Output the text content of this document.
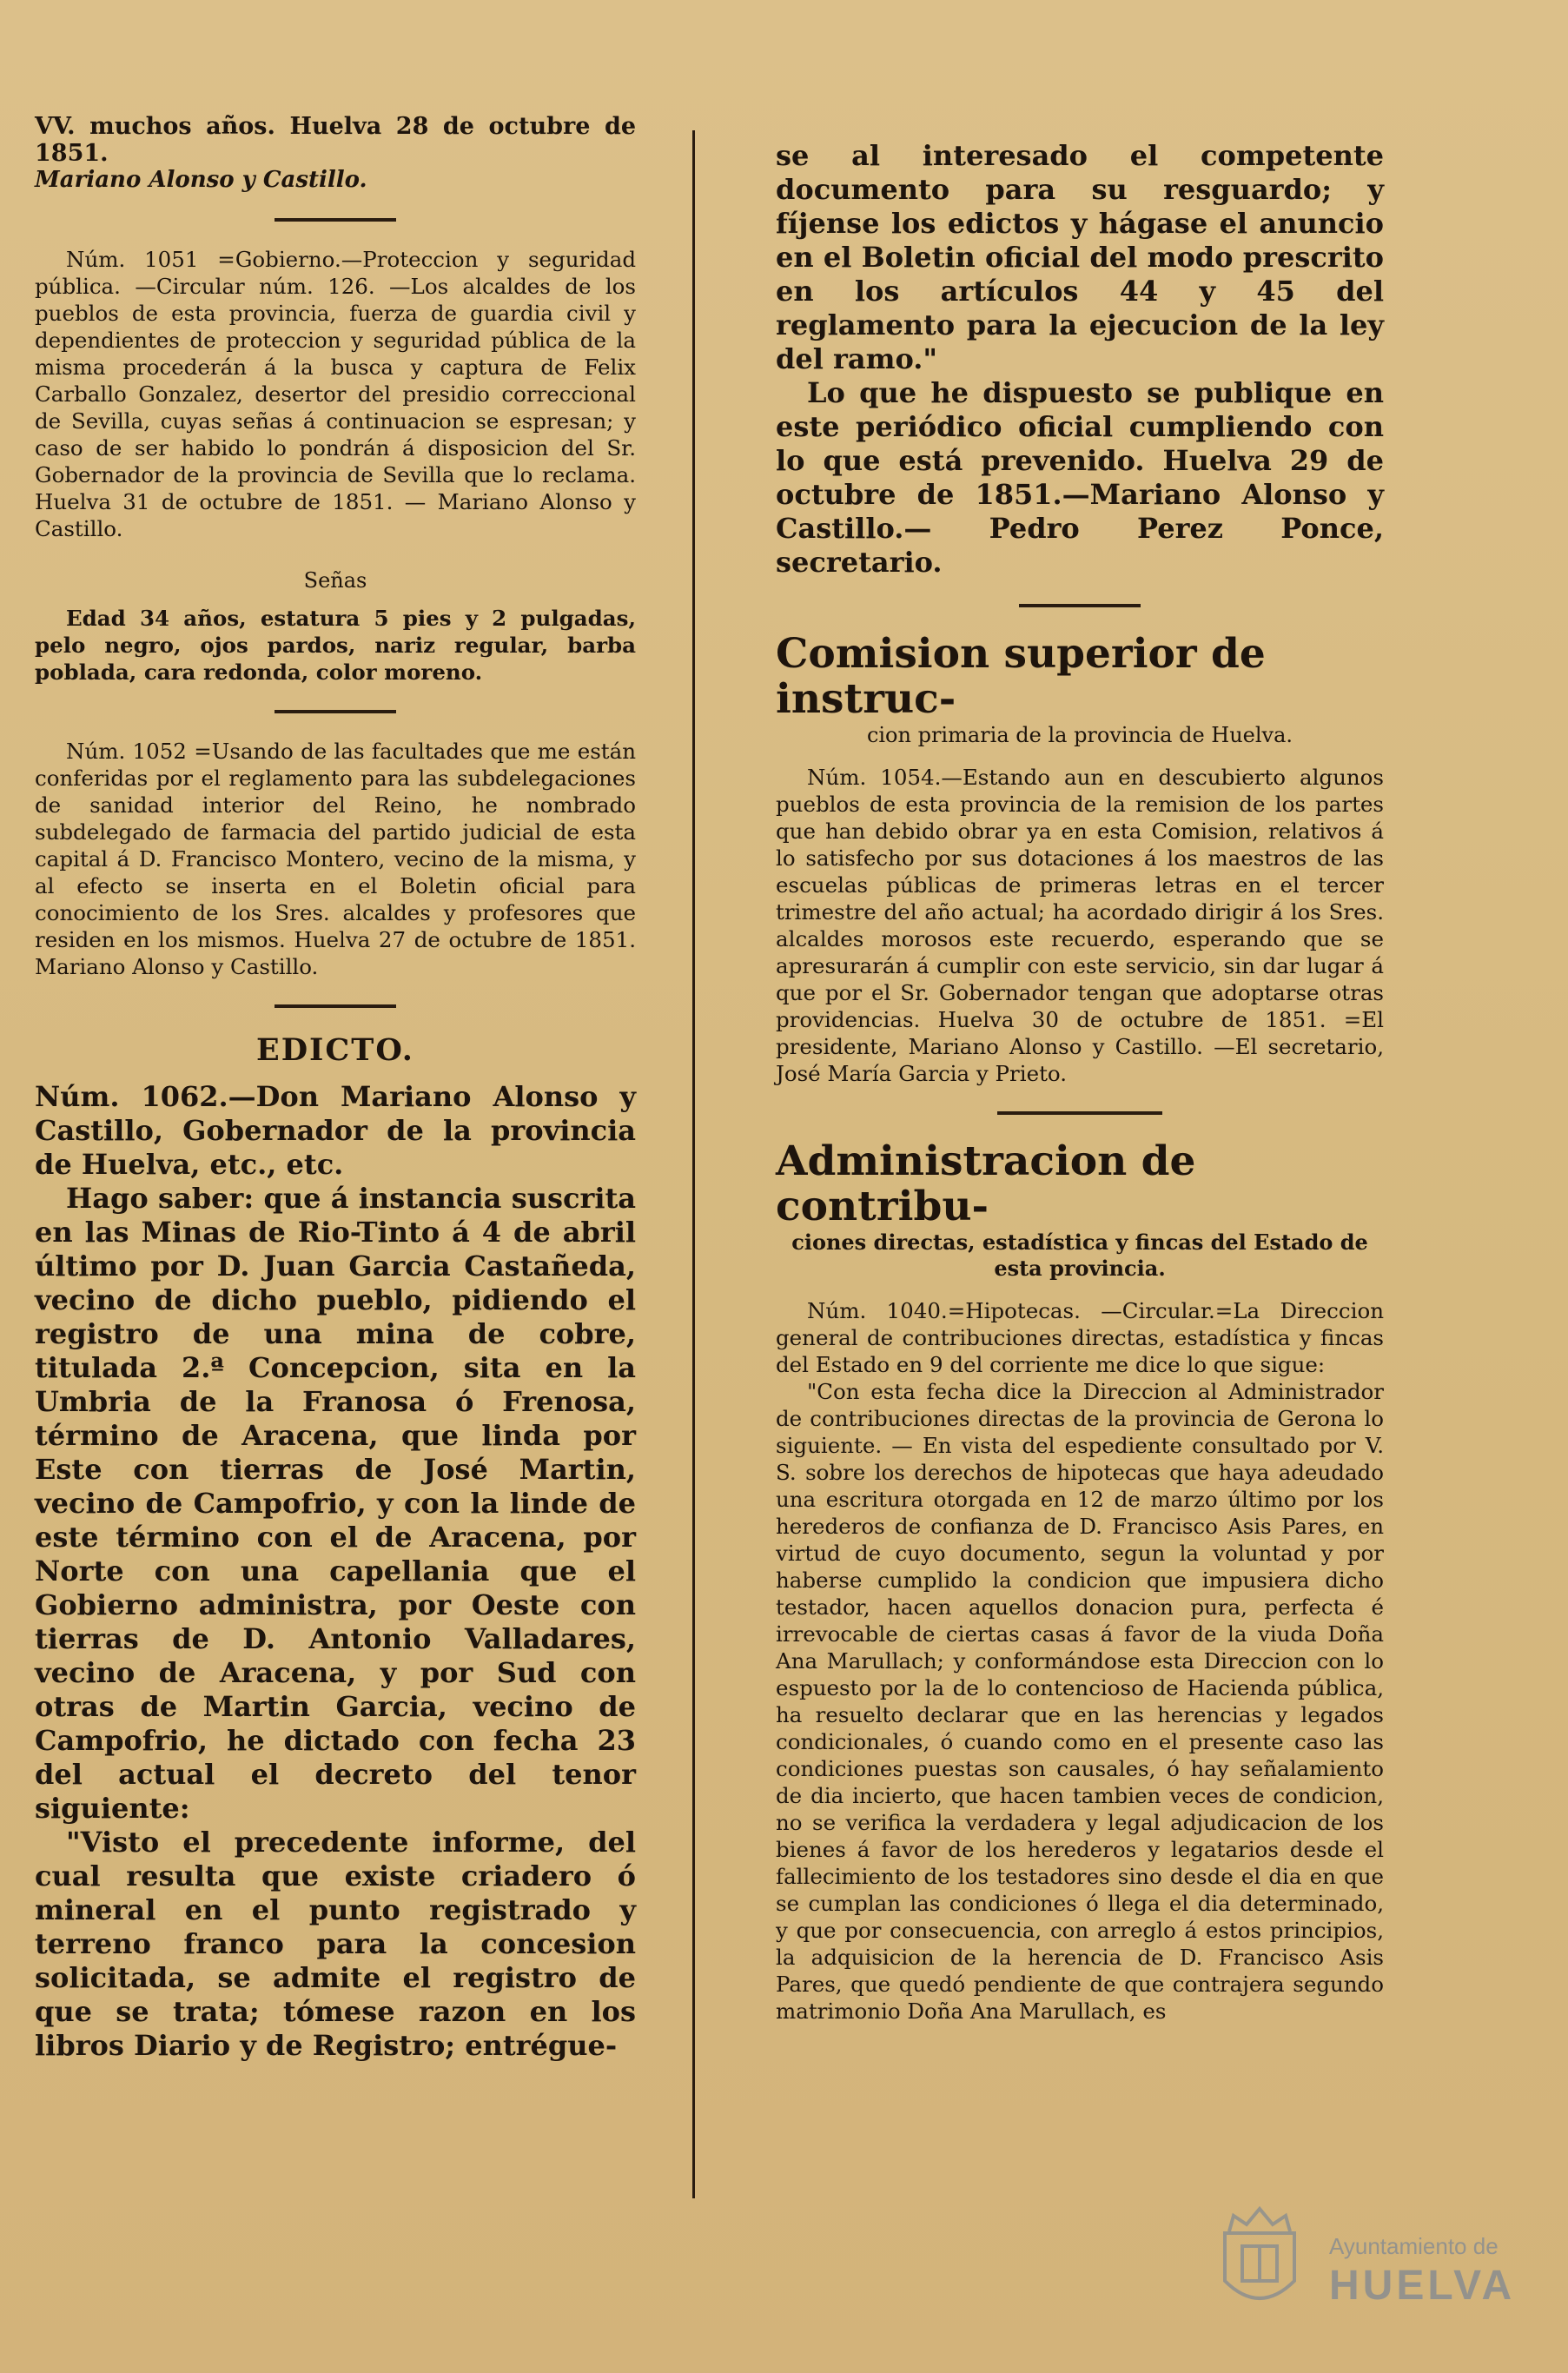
VV. muchos años. Huelva 28 de octubre de 1851.

Mariano Alonso y Castillo.

Núm. 1051 =Gobierno.—Proteccion y seguridad pública. —Circular núm. 126. —Los alcaldes de los pueblos de esta provincia, fuerza de guardia civil y dependientes de proteccion y seguridad pública de la misma procederán á la busca y captura de Felix Carballo Gonzalez, desertor del presidio correccional de Sevilla, cuyas señas á continuacion se espresan; y caso de ser habido lo pondrán á disposicion del Sr. Gobernador de la provincia de Sevilla que lo reclama. Huelva 31 de octubre de 1851. — Mariano Alonso y Castillo.

Señas

Edad 34 años, estatura 5 pies y 2 pulgadas, pelo negro, ojos pardos, nariz regular, barba poblada, cara redonda, color moreno.

Núm. 1052 =Usando de las facultades que me están conferidas por el reglamento para las subdelegaciones de sanidad interior del Reino, he nombrado subdelegado de farmacia del partido judicial de esta capital á D. Francisco Montero, vecino de la misma, y al efecto se inserta en el Boletin oficial para conocimiento de los Sres. alcaldes y profesores que residen en los mismos. Huelva 27 de octubre de 1851. Mariano Alonso y Castillo.

EDICTO.

Núm. 1062.—Don Mariano Alonso y Castillo, Gobernador de la provincia de Huelva, etc., etc.

Hago saber: que á instancia suscrita en las Minas de Rio-Tinto á 4 de abril último por D. Juan Garcia Castañeda, vecino de dicho pueblo, pidiendo el registro de una mina de cobre, titulada 2.ª Concepcion, sita en la Umbria de la Franosa ó Frenosa, término de Aracena, que linda por Este con tierras de José Martin, vecino de Campofrio, y con la linde de este término con el de Aracena, por Norte con una capellania que el Gobierno administra, por Oeste con tierras de D. Antonio Valladares, vecino de Aracena, y por Sud con otras de Martin Garcia, vecino de Campofrio, he dictado con fecha 23 del actual el decreto del tenor siguiente:

"Visto el precedente informe, del cual resulta que existe criadero ó mineral en el punto registrado y terreno franco para la concesion solicitada, se admite el registro de que se trata; tómese razon en los libros Diario y de Registro; entrégue-

se al interesado el competente documento para su resguardo; y fíjense los edictos y hágase el anuncio en el Boletin oficial del modo prescrito en los artículos 44 y 45 del reglamento para la ejecucion de la ley del ramo."

Lo que he dispuesto se publique en este periódico oficial cumpliendo con lo que está prevenido. Huelva 29 de octubre de 1851.—Mariano Alonso y Castillo.— Pedro Perez Ponce, secretario.

Comision superior de instruc-

cion primaria de la provincia de Huelva.

Núm. 1054.—Estando aun en descubierto algunos pueblos de esta provincia de la remision de los partes que han debido obrar ya en esta Comision, relativos á lo satisfecho por sus dotaciones á los maestros de las escuelas públicas de primeras letras en el tercer trimestre del año actual; ha acordado dirigir á los Sres. alcaldes morosos este recuerdo, esperando que se apresurarán á cumplir con este servicio, sin dar lugar á que por el Sr. Gobernador tengan que adoptarse otras providencias. Huelva 30 de octubre de 1851. =El presidente, Mariano Alonso y Castillo. —El secretario, José María Garcia y Prieto.

Administracion de contribu-

ciones directas, estadística y fincas del Estado de esta provincia.

Núm. 1040.=Hipotecas. —Circular.=La Direccion general de contribuciones directas, estadística y fincas del Estado en 9 del corriente me dice lo que sigue:

"Con esta fecha dice la Direccion al Administrador de contribuciones directas de la provincia de Gerona lo siguiente. — En vista del espediente consultado por V. S. sobre los derechos de hipotecas que haya adeudado una escritura otorgada en 12 de marzo último por los herederos de confianza de D. Francisco Asis Pares, en virtud de cuyo documento, segun la voluntad y por haberse cumplido la condicion que impusiera dicho testador, hacen aquellos donacion pura, perfecta é irrevocable de ciertas casas á favor de la viuda Doña Ana Marullach; y conformándose esta Direccion con lo espuesto por la de lo contencioso de Hacienda pública, ha resuelto declarar que en las herencias y legados condicionales, ó cuando como en el presente caso las condiciones puestas son causales, ó hay señalamiento de dia incierto, que hacen tambien veces de condicion, no se verifica la verdadera y legal adjudicacion de los bienes á favor de los herederos y legatarios desde el fallecimiento de los testadores sino desde el dia en que se cumplan las condiciones ó llega el dia determinado, y que por consecuencia, con arreglo á estos principios, la adquisicion de la herencia de D. Francisco Asis Pares, que quedó pendiente de que contrajera segundo matrimonio Doña Ana Marullach, es

Ayuntamiento de
HUELVA
